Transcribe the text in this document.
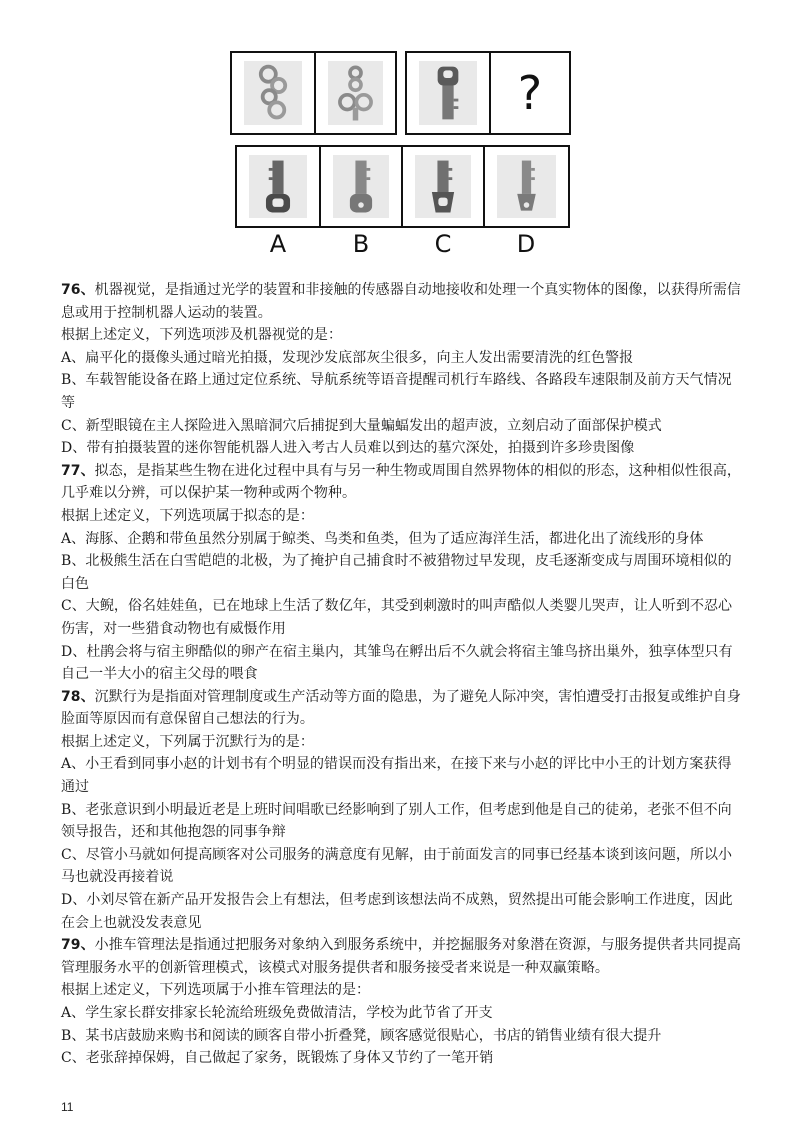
?
A	B	C	D
76、机器视觉，是指通过光学的装置和非接触的传感器自动地接收和处理一个真实物体的图像，以获得所需信
息或用于控制机器人运动的装置。
根据上述定义，下列选项涉及机器视觉的是：
A、扁平化的摄像头通过暗光拍摄，发现沙发底部灰尘很多，向主人发出需要清洗的红色警报
B、车载智能设备在路上通过定位系统、导航系统等语音提醒司机行车路线、各路段车速限制及前方天气情况
等
C、新型眼镜在主人探险进入黑暗洞穴后捕捉到大量蝙蝠发出的超声波，立刻启动了面部保护模式
D、带有拍摄装置的迷你智能机器人进入考古人员难以到达的墓穴深处，拍摄到许多珍贵图像
77、拟态，是指某些生物在进化过程中具有与另一种生物或周围自然界物体的相似的形态，这种相似性很高，
几乎难以分辨，可以保护某一物种或两个物种。
根据上述定义，下列选项属于拟态的是：
A、海豚、企鹅和带鱼虽然分别属于鲸类、鸟类和鱼类，但为了适应海洋生活，都进化出了流线形的身体
B、北极熊生活在白雪皑皑的北极，为了掩护自己捕食时不被猎物过早发现，皮毛逐渐变成与周围环境相似的
白色
C、大鲵，俗名娃娃鱼，已在地球上生活了数亿年，其受到刺激时的叫声酷似人类婴儿哭声，让人听到不忍心
伤害，对一些猎食动物也有威慑作用
D、杜鹃会将与宿主卵酷似的卵产在宿主巢内，其雏鸟在孵出后不久就会将宿主雏鸟挤出巢外，独享体型只有
自己一半大小的宿主父母的喂食
78、沉默行为是指面对管理制度或生产活动等方面的隐患，为了避免人际冲突，害怕遭受打击报复或维护自身
脸面等原因而有意保留自己想法的行为。
根据上述定义，下列属于沉默行为的是：
A、小王看到同事小赵的计划书有个明显的错误而没有指出来，在接下来与小赵的评比中小王的计划方案获得
通过
B、老张意识到小明最近老是上班时间唱歌已经影响到了别人工作，但考虑到他是自己的徒弟，老张不但不向
领导报告，还和其他抱怨的同事争辩
C、尽管小马就如何提高顾客对公司服务的满意度有见解，由于前面发言的同事已经基本谈到该问题，所以小
马也就没再接着说
D、小刘尽管在新产品开发报告会上有想法，但考虑到该想法尚不成熟，贸然提出可能会影响工作进度，因此
在会上也就没发表意见
79、小推车管理法是指通过把服务对象纳入到服务系统中，并挖掘服务对象潜在资源，与服务提供者共同提高
管理服务水平的创新管理模式，该模式对服务提供者和服务接受者来说是一种双赢策略。
根据上述定义，下列选项属于小推车管理法的是：
A、学生家长群安排家长轮流给班级免费做清洁，学校为此节省了开支
B、某书店鼓励来购书和阅读的顾客自带小折叠凳，顾客感觉很贴心，书店的销售业绩有很大提升
C、老张辞掉保姆，自己做起了家务，既锻炼了身体又节约了一笔开销
11
